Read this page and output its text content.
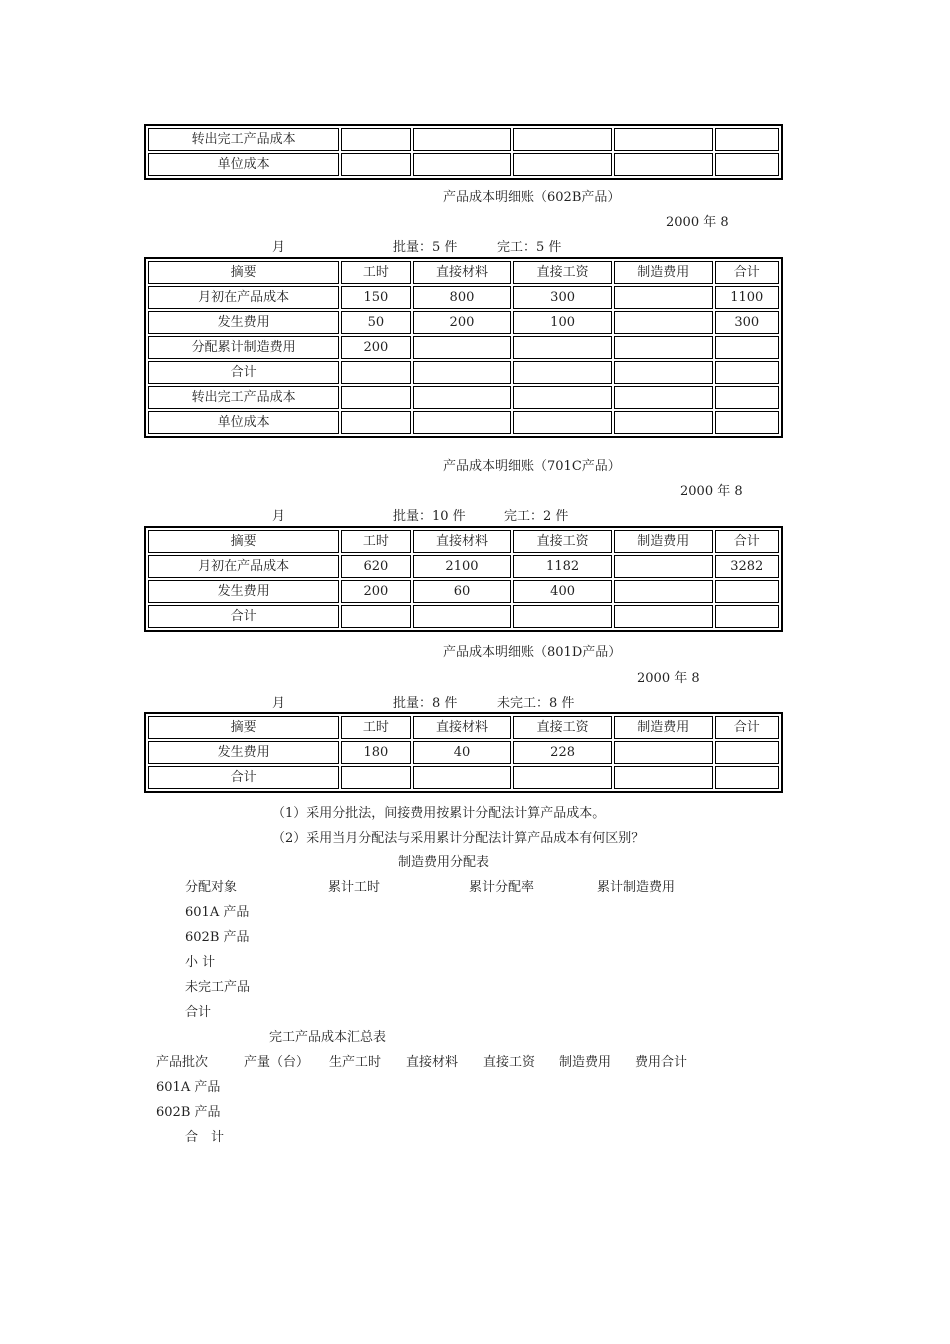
转出完工产品成本					
单位成本					
产品成本明细账（602B产品）
2000 年 8
月	批量：5 件	完工：5 件
摘要	工时	直接材料	直接工资	制造费用	合计
月初在产品成本	150	800	300		1100
发生费用	50	200	100		300
分配累计制造费用	200				
合计					
转出完工产品成本					
单位成本					
产品成本明细账（701C产品）
2000 年 8
月	批量：10 件	完工：2 件
摘要	工时	直接材料	直接工资	制造费用	合计
月初在产品成本	620	2100	1182		3282
发生费用	200	60	400		
合计					
产品成本明细账（801D产品）
2000 年 8
月	批量：8 件	未完工：8 件
摘要	工时	直接材料	直接工资	制造费用	合计
发生费用	180	40	228		
合计					
（1）采用分批法，间接费用按累计分配法计算产品成本。
（2）采用当月分配法与采用累计分配法计算产品成本有何区别？
制造费用分配表
分配对象	累计工时	累计分配率	累计制造费用
601A 产品
602B 产品
小 计
未完工产品
合计
完工产品成本汇总表
产品批次	产量（台） 生产工时 直接材料 直接工资 制造费用 费用合计
601A 产品
602B 产品
合　计
